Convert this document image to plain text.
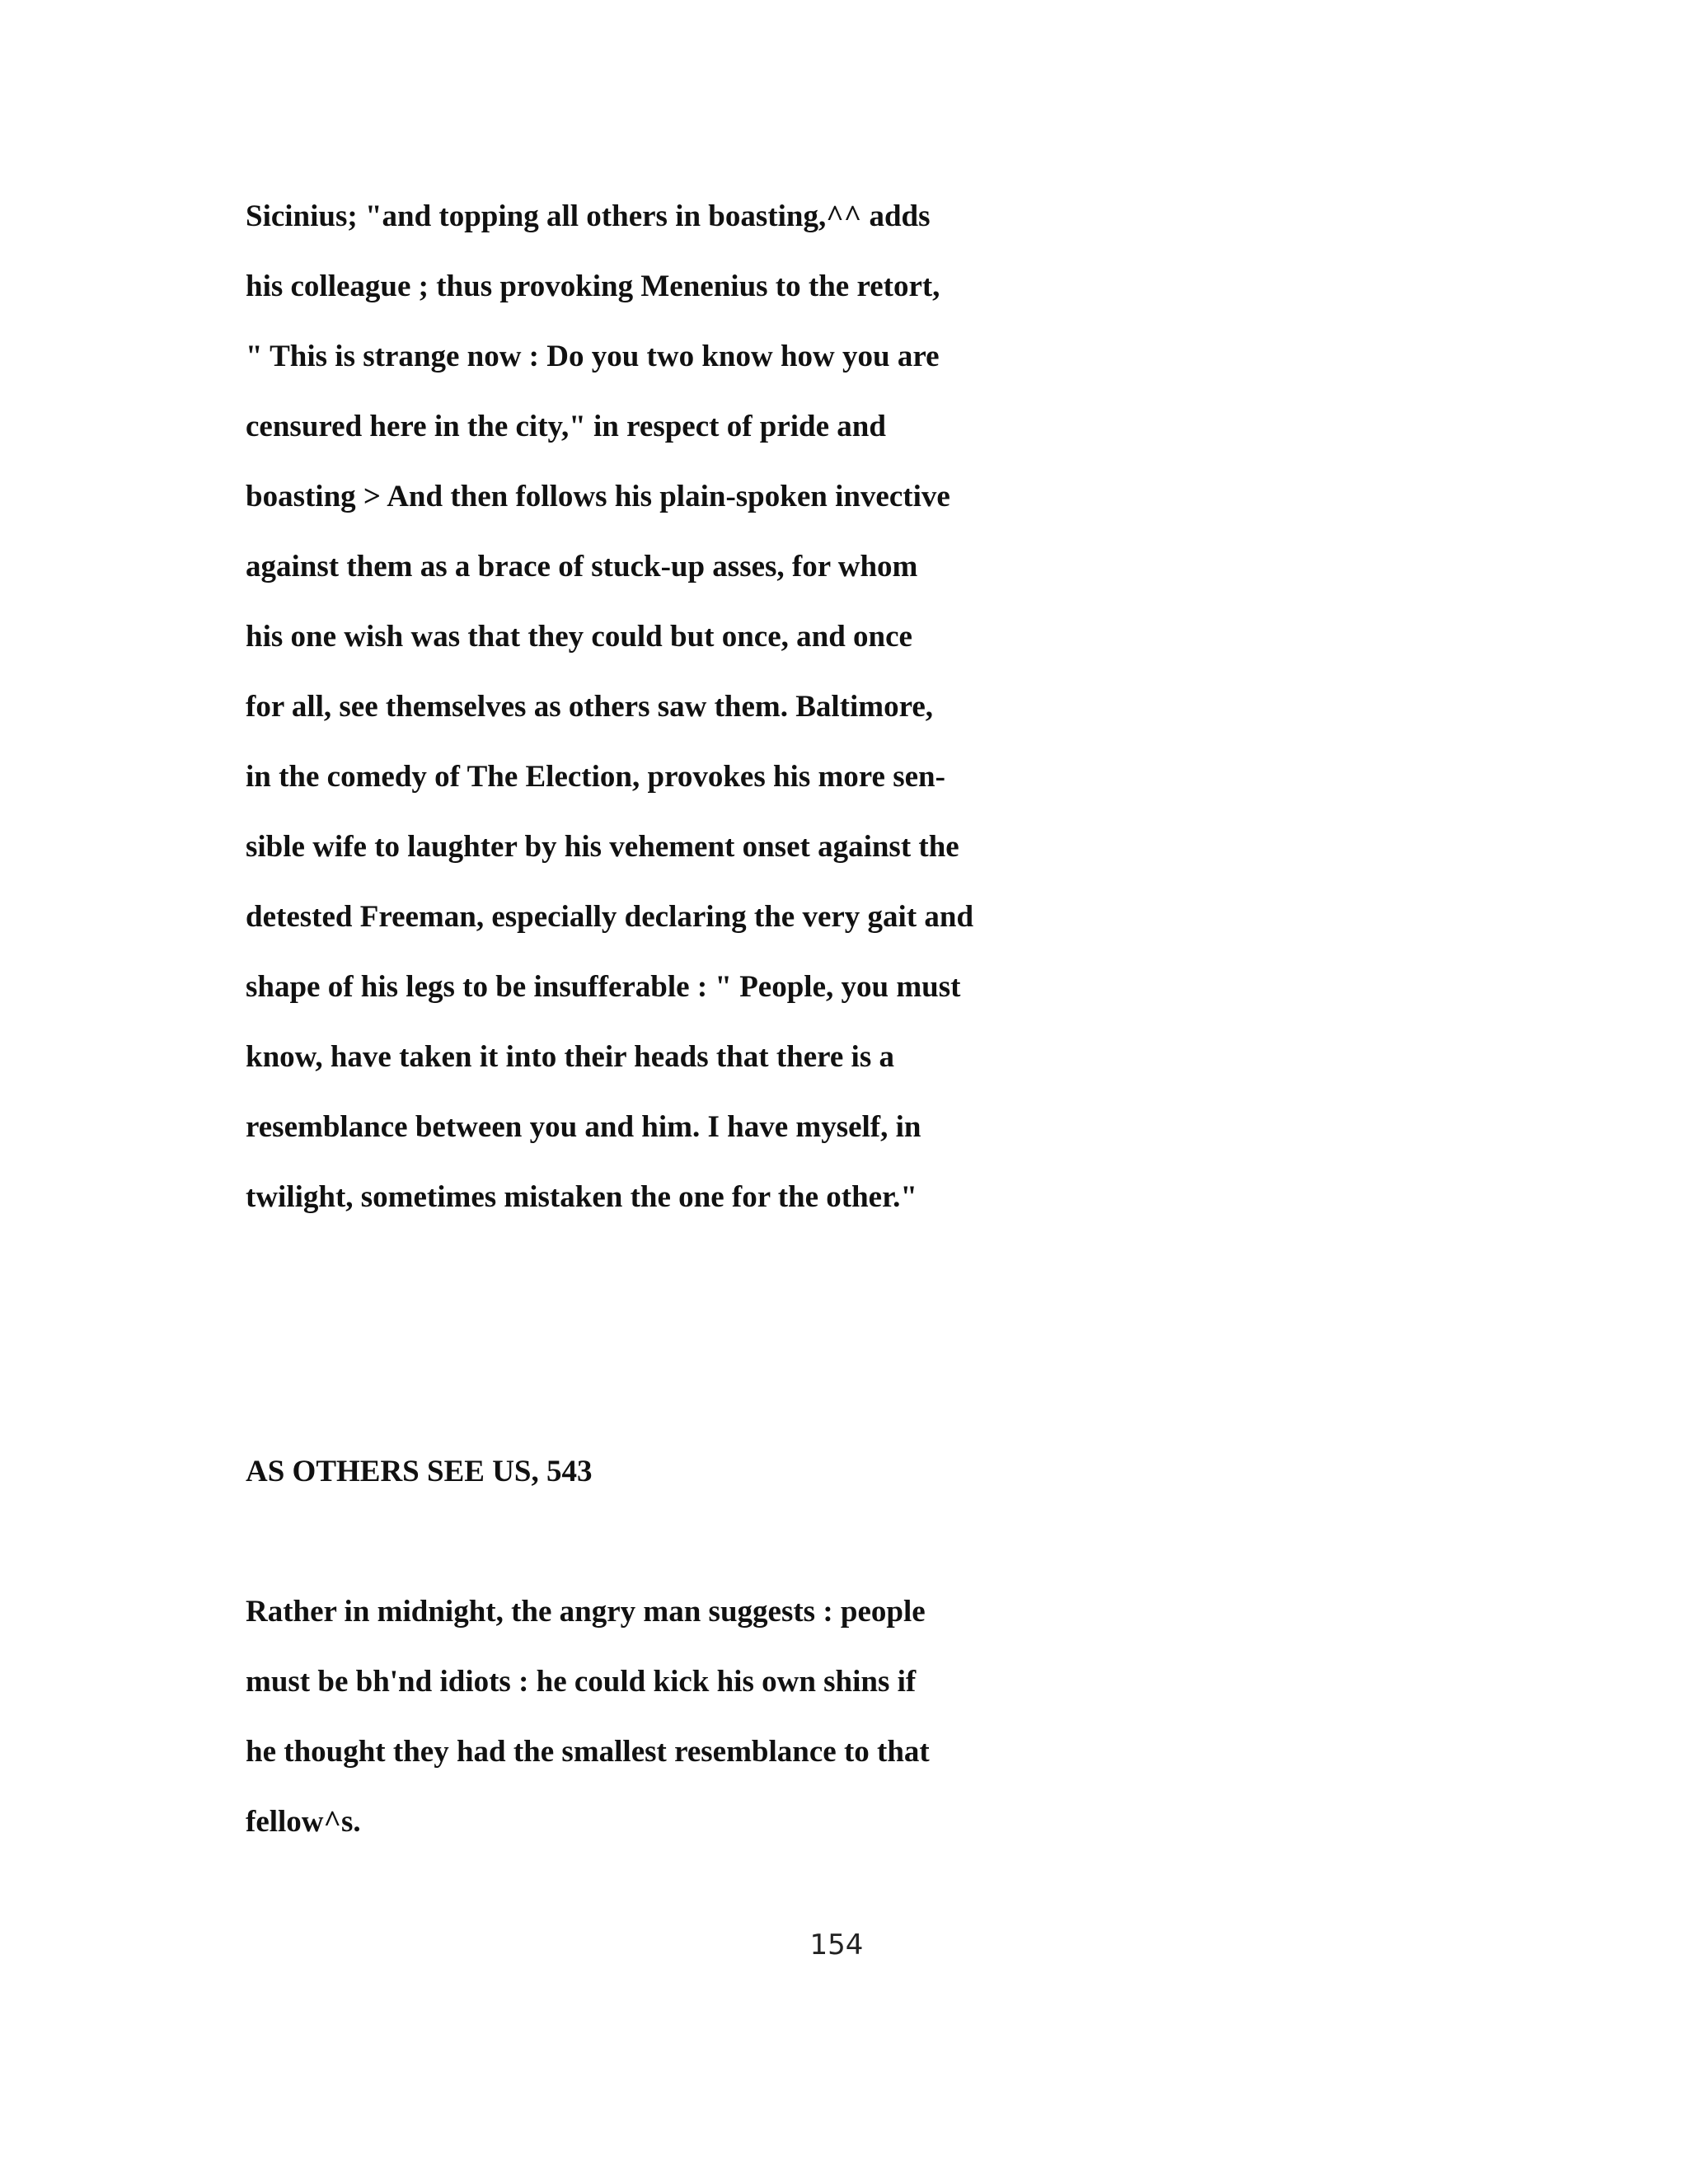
Sicinius; "and topping all others in boasting,^^ adds
his colleague ; thus provoking Menenius to the retort,
" This is strange now : Do you two know how you are
censured here in the city," in respect of pride and
boasting > And then follows his plain-spoken invective
against them as a brace of stuck-up asses, for whom
his one wish was that they could but once, and once
for all, see themselves as others saw them. Baltimore,
in the comedy of The Election, provokes his more sen-
sible wife to laughter by his vehement onset against the
detested Freeman, especially declaring the very gait and
shape of his legs to be insufferable : " People, you must
know, have taken it into their heads that there is a
resemblance between you and him. I have myself, in
twilight, sometimes mistaken the one for the other."
AS OTHERS SEE US, 543
Rather in midnight, the angry man suggests : people
must be bh'nd idiots : he could kick his own shins if
he thought they had the smallest resemblance to that
fellow^s.
154
